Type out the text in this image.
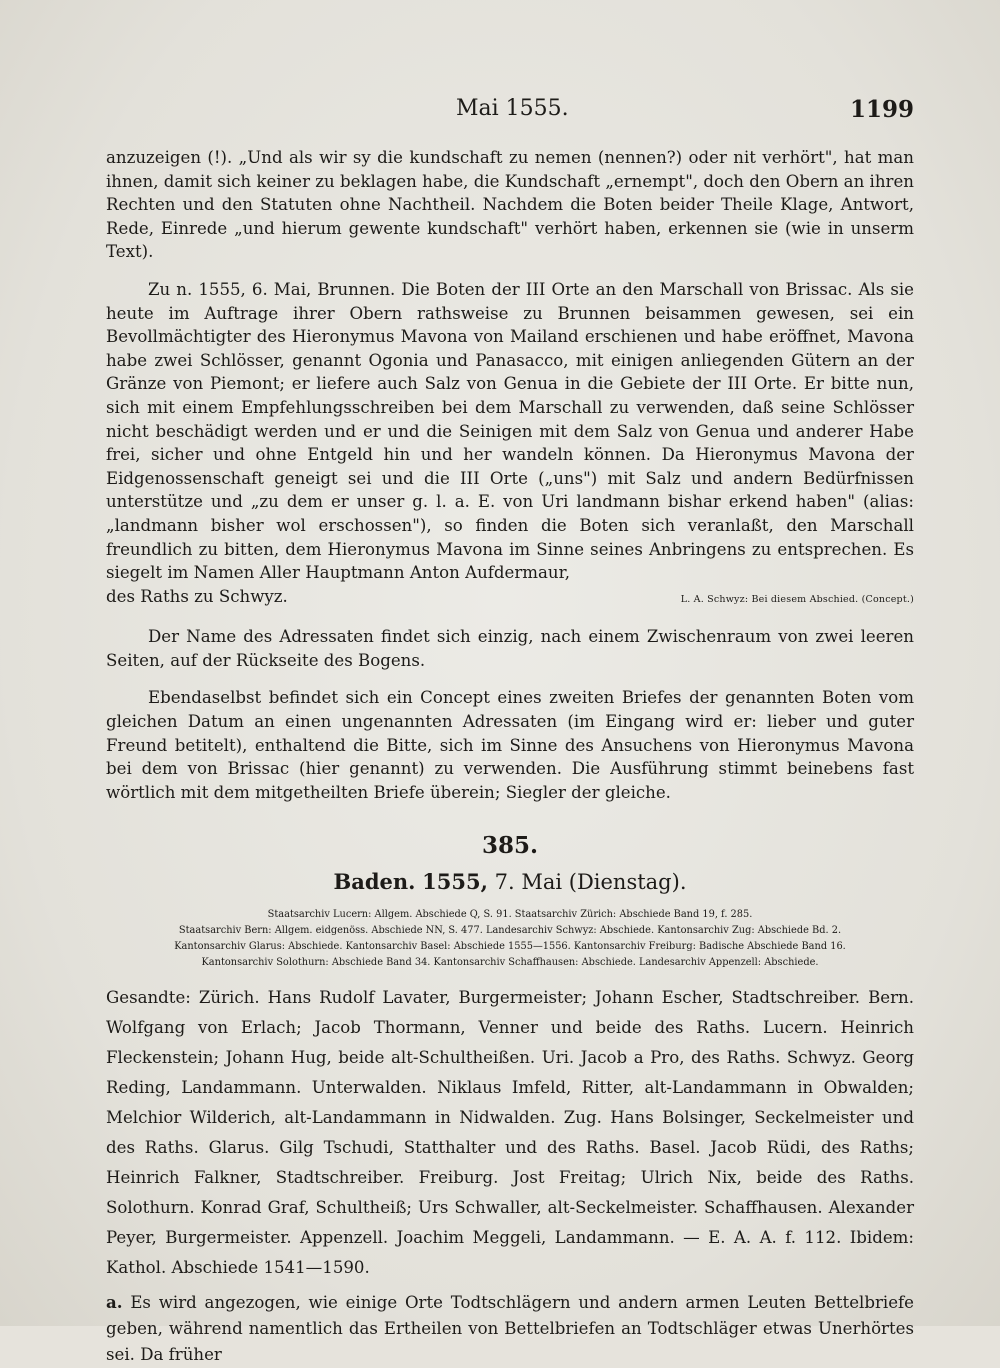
Mai 1555.	1199

anzuzeigen (!). „Und als wir sy die kundschaft zu nemen (nennen?) oder nit verhört", hat man ihnen, damit sich keiner zu beklagen habe, die Kundschaft „ernempt", doch den Obern an ihren Rechten und den Statuten ohne Nachtheil. Nachdem die Boten beider Theile Klage, Antwort, Rede, Einrede „und hierum gewente kundschaft" verhört haben, erkennen sie (wie in unserm Text).

Zu n. 1555, 6. Mai, Brunnen. Die Boten der III Orte an den Marschall von Brissac. Als sie heute im Auftrage ihrer Obern rathsweise zu Brunnen beisammen gewesen, sei ein Bevollmächtigter des Hieronymus Mavona von Mailand erschienen und habe eröffnet, Mavona habe zwei Schlösser, genannt Ogonia und Panasacco, mit einigen anliegenden Gütern an der Gränze von Piemont; er liefere auch Salz von Genua in die Gebiete der III Orte. Er bitte nun, sich mit einem Empfehlungsschreiben bei dem Marschall zu verwenden, daß seine Schlösser nicht beschädigt werden und er und die Seinigen mit dem Salz von Genua und anderer Habe frei, sicher und ohne Entgeld hin und her wandeln können. Da Hieronymus Mavona der Eidgenossenschaft geneigt sei und die III Orte („uns") mit Salz und andern Bedürfnissen unterstütze und „zu dem er unser g. l. a. E. von Uri landmann bishar erkend haben" (alias: „landmann bisher wol erschossen"), so finden die Boten sich veranlaßt, den Marschall freundlich zu bitten, dem Hieronymus Mavona im Sinne seines Anbringens zu entsprechen. Es siegelt im Namen Aller Hauptmann Anton Aufdermaur,

des Raths zu Schwyz.	L. A. Schwyz: Bei diesem Abschied. (Concept.)

Der Name des Adressaten findet sich einzig, nach einem Zwischenraum von zwei leeren Seiten, auf der Rückseite des Bogens.

Ebendaselbst befindet sich ein Concept eines zweiten Briefes der genannten Boten vom gleichen Datum an einen ungenannten Adressaten (im Eingang wird er: lieber und guter Freund betitelt), enthaltend die Bitte, sich im Sinne des Ansuchens von Hieronymus Mavona bei dem von Brissac (hier genannt) zu verwenden. Die Ausführung stimmt beinebens fast wörtlich mit dem mitgetheilten Briefe überein; Siegler der gleiche.

385.
Baden. 1555, 7. Mai (Dienstag).
Staatsarchiv Lucern: Allgem. Abschiede Q, S. 91. Staatsarchiv Zürich: Abschiede Band 19, f. 285.
Staatsarchiv Bern: Allgem. eidgenöss. Abschiede NN, S. 477. Landesarchiv Schwyz: Abschiede. Kantonsarchiv Zug: Abschiede Bd. 2.
Kantonsarchiv Glarus: Abschiede. Kantonsarchiv Basel: Abschiede 1555—1556. Kantonsarchiv Freiburg: Badische Abschiede Band 16.
Kantonsarchiv Solothurn: Abschiede Band 34. Kantonsarchiv Schaffhausen: Abschiede. Landesarchiv Appenzell: Abschiede.

Gesandte: Zürich. Hans Rudolf Lavater, Burgermeister; Johann Escher, Stadtschreiber. Bern. Wolfgang von Erlach; Jacob Thormann, Venner und beide des Raths. Lucern. Heinrich Fleckenstein; Johann Hug, beide alt-Schultheißen. Uri. Jacob a Pro, des Raths. Schwyz. Georg Reding, Landammann. Unterwalden. Niklaus Imfeld, Ritter, alt-Landammann in Obwalden; Melchior Wilderich, alt-Landammann in Nidwalden. Zug. Hans Bolsinger, Seckelmeister und des Raths. Glarus. Gilg Tschudi, Statthalter und des Raths. Basel. Jacob Rüdi, des Raths; Heinrich Falkner, Stadtschreiber. Freiburg. Jost Freitag; Ulrich Nix, beide des Raths. Solothurn. Konrad Graf, Schultheiß; Urs Schwaller, alt-Seckelmeister. Schaffhausen. Alexander Peyer, Burgermeister. Appenzell. Joachim Meggeli, Landammann. — E. A. A. f. 112. Ibidem: Kathol. Abschiede 1541—1590.

a. Es wird angezogen, wie einige Orte Todtschlägern und andern armen Leuten Bettelbriefe geben, während namentlich das Ertheilen von Bettelbriefen an Todtschläger etwas Unerhörtes sei. Da früher
